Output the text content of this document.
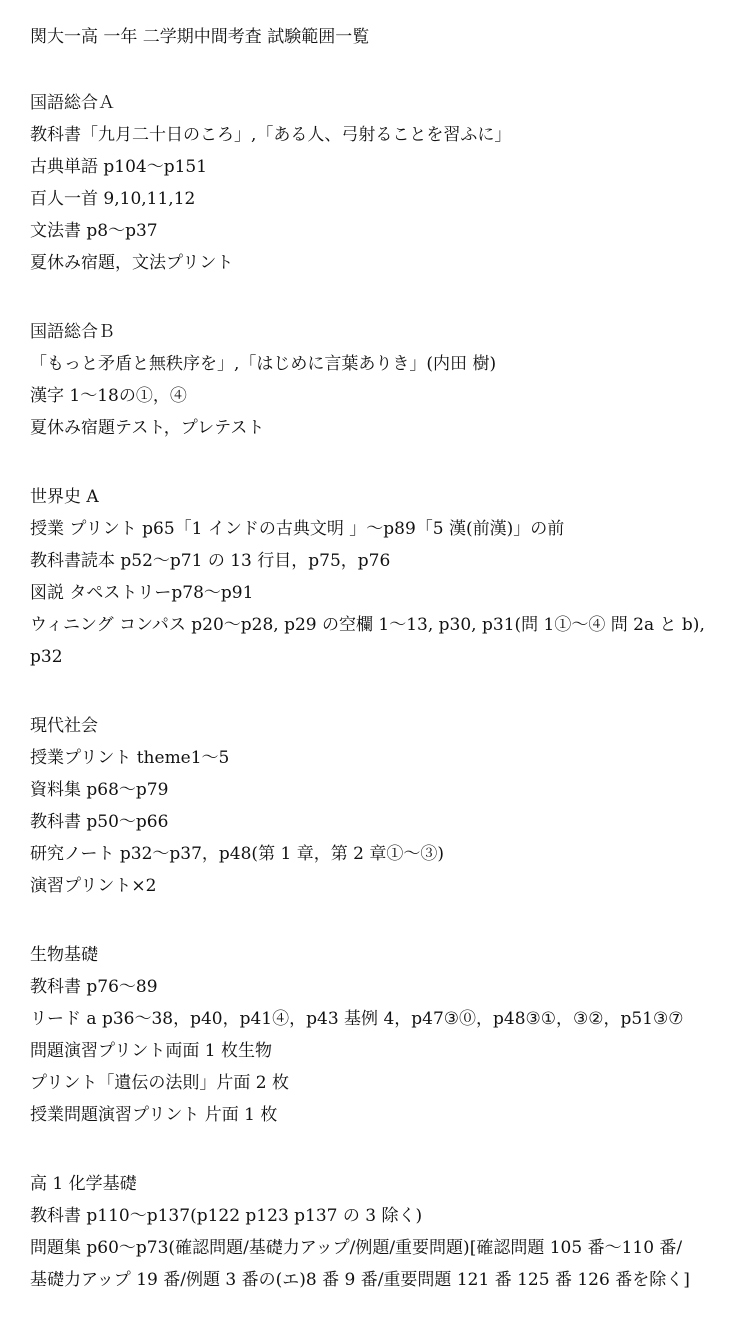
関大一高 一年 二学期中間考査 試験範囲一覧
国語総合Ａ
教科書「九月二十日のころ」,「ある人、弓射ることを習ふに」
古典単語 p104〜p151
百人一首 9,10,11,12
文法書 p8〜p37
夏休み宿題，文法プリント
国語総合Ｂ
「もっと矛盾と無秩序を」,「はじめに言葉ありき」(内田 樹)
漢字 1〜18の①，④
夏休み宿題テスト，プレテスト
世界史 A
授業 プリント p65「1 インドの古典文明 」〜p89「5 漢(前漢)」の前
教科書読本 p52〜p71 の 13 行目，p75，p76
図説 タペストリーp78〜p91
ウィニング コンパス p20〜p28, p29 の空欄 1〜13, p30, p31(問 1①〜④ 問 2a と b),
p32
現代社会
授業プリント theme1〜5
資料集 p68〜p79
教科書 p50〜p66
研究ノート p32〜p37，p48(第 1 章，第 2 章①〜③)
演習プリント×2
生物基礎
教科書 p76〜89
リード a p36〜38，p40，p41④，p43 基例 4，p47③⓪，p48③①，③②，p51③⑦
問題演習プリント両面 1 枚生物
プリント「遺伝の法則」片面 2 枚
授業問題演習プリント 片面 1 枚
高 1 化学基礎
教科書 p110〜p137(p122 p123 p137 の 3 除く)
問題集 p60〜p73(確認問題/基礎力アップ/例題/重要問題)[確認問題 105 番〜110 番/
基礎力アップ 19 番/例題 3 番の(エ)8 番 9 番/重要問題 121 番 125 番 126 番を除く]
